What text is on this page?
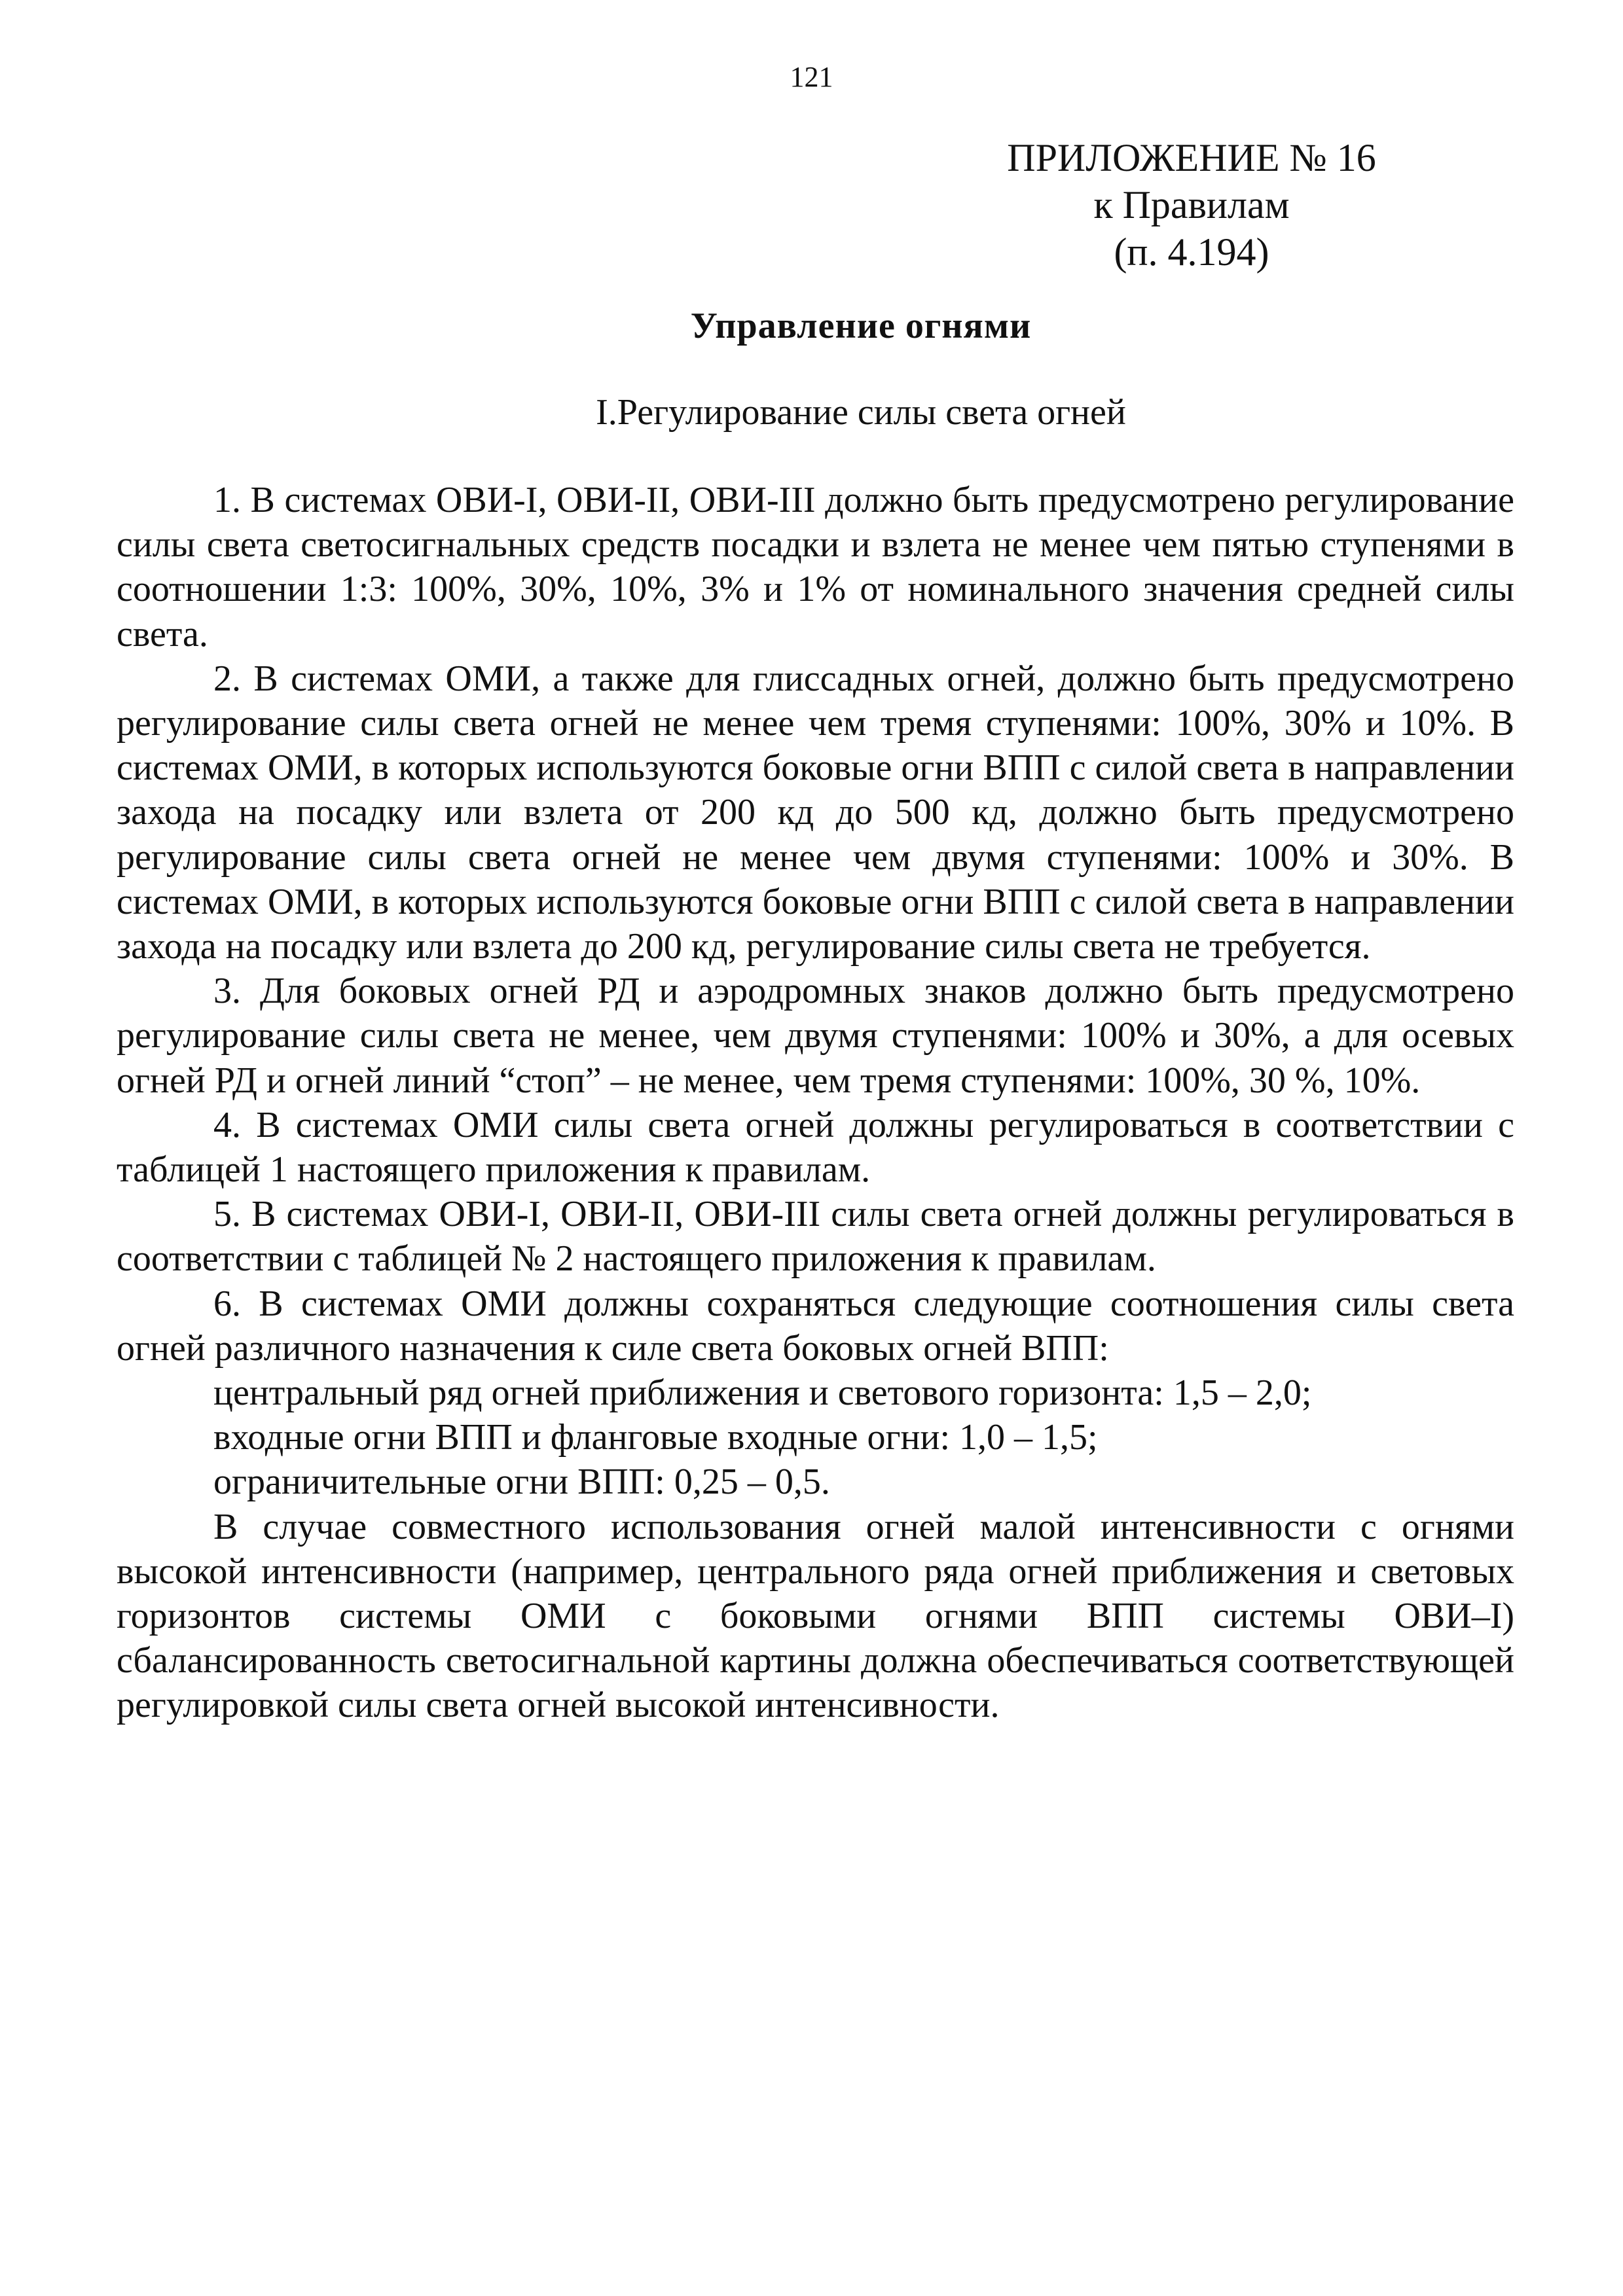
121
ПРИЛОЖЕНИЕ № 16
к Правилам
(п. 4.194)
Управление огнями
I.Регулирование силы света огней

1. В системах ОВИ-I, ОВИ-II, ОВИ-III должно быть предусмотрено регулирование силы света светосигнальных средств посадки и взлета не менее чем пятью ступенями в соотношении 1:3: 100%, 30%, 10%, 3% и 1% от номинального значения средней силы света.

2. В системах ОМИ, а также для глиссадных огней, должно быть предусмотрено регулирование силы света огней не менее чем тремя ступенями: 100%, 30% и 10%. В системах ОМИ, в которых используются боковые огни ВПП с силой света в направлении захода на посадку или взлета от 200 кд до 500 кд, должно быть предусмотрено регулирование силы света огней не менее чем двумя ступенями: 100% и 30%. В системах ОМИ, в которых используются боковые огни ВПП с силой света в направлении захода на посадку или взлета до 200 кд, регулирование силы света не требуется.

3. Для боковых огней РД и аэродромных знаков должно быть предусмотрено регулирование силы света не менее, чем двумя ступенями: 100% и 30%, а для осевых огней РД и огней линий “стоп” – не менее, чем тремя ступенями: 100%, 30 %, 10%.

4. В системах ОМИ силы света огней должны регулироваться в соответствии с таблицей 1 настоящего приложения к правилам.

5. В системах ОВИ-I, ОВИ-II, ОВИ-III силы света огней должны регулироваться в соответствии с таблицей № 2 настоящего приложения к правилам.

6. В системах ОМИ должны сохраняться следующие соотношения силы света огней различного назначения к силе света боковых огней ВПП:

центральный ряд огней приближения и светового горизонта: 1,5 – 2,0;

входные огни ВПП и фланговые входные огни: 1,0 – 1,5;

ограничительные огни ВПП: 0,25 – 0,5.

В случае совместного использования огней малой интенсивности с огнями высокой интенсивности (например, центрального ряда огней приближения и световых горизонтов системы ОМИ с боковыми огнями ВПП системы ОВИ–I) сбалансированность светосигнальной картины должна обеспечиваться соответствующей регулировкой силы света огней высокой интенсивности.
